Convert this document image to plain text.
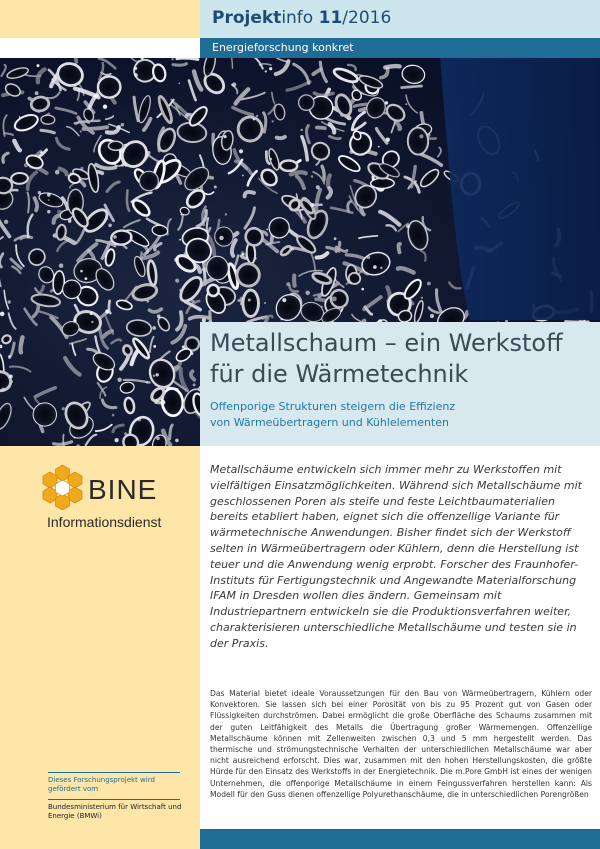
Projektinfo 11/2016
Energieforschung konkret
Metallschaum – ein Werkstoff
für die Wärmetechnik
Offenporige Strukturen steigern die Effizienz
von Wärmeübertragern und Kühlelementen
BINE
Informationsdienst
Dieses Forschungsprojekt wird gefördert vom
Bundesministerium für Wirtschaft und Energie (BMWi)
Metallschäume entwickeln sich immer mehr zu Werkstoffen mit vielfältigen Einsatzmöglichkeiten. Während sich Metallschäume mit geschlossenen Poren als steife und feste Leichtbaumaterialien bereits etabliert haben, eignet sich die offenzellige Variante für wärmetechnische Anwendungen. Bisher findet sich der Werkstoff selten in Wärmeübertragern oder Kühlern, denn die Herstellung ist teuer und die Anwendung wenig erprobt. Forscher des Fraunhofer-Instituts für Fertigungstechnik und Angewandte Materialforschung IFAM in Dresden wollen dies ändern. Gemeinsam mit Industriepartnern entwickeln sie die Produktionsverfahren weiter, charakterisieren unterschiedliche Metallschäume und testen sie in der Praxis.
Das Material bietet ideale Voraussetzungen für den Bau von Wärmeübertragern, Kühlern oder Konvektoren. Sie lassen sich bei einer Porosität von bis zu 95 Prozent gut von Gasen oder Flüssigkeiten durchströmen. Dabei ermöglicht die große Oberfläche des Schaums zusammen mit der guten Leitfähigkeit des Metalls die Übertragung großer Wärmemengen. Offenzellige Metallschäume können mit Zellenweiten zwischen 0,3 und 5 mm hergestellt werden. Das thermische und strömungstechnische Verhalten der unterschiedlichen Metallschäume war aber nicht ausreichend erforscht. Dies war, zusammen mit den hohen Herstellungskosten, die größte Hürde für den Einsatz des Werkstoffs in der Energietechnik. Die m.Pore GmbH ist eines der wenigen Unternehmen, die offenporige Metallschäume in einem Feingussverfahren herstellen kann: Als Modell für den Guss dienen offenzellige Polyurethanschäume, die in unterschiedlichen Porengrößen
